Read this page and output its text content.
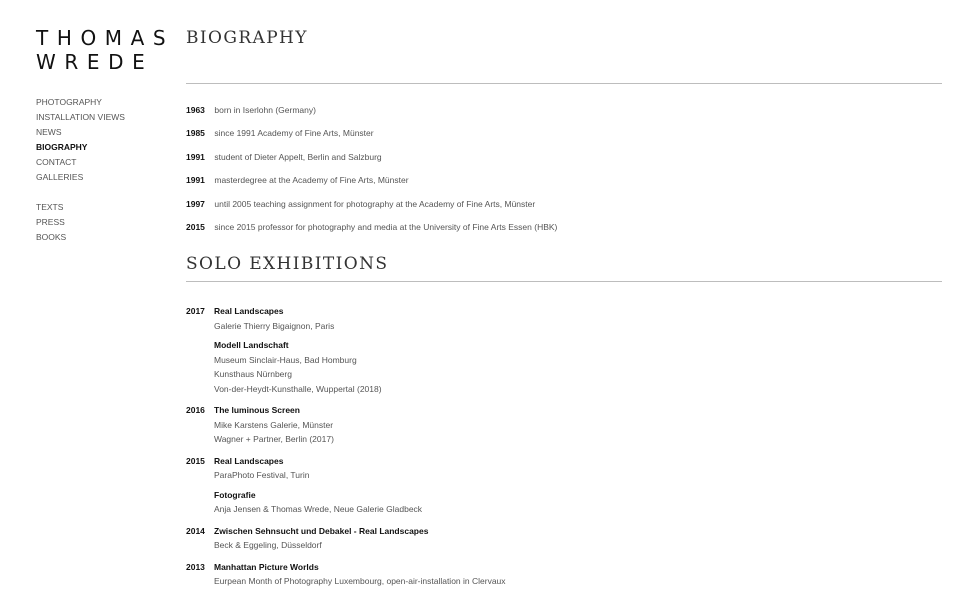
THOMAS
WREDE
PHOTOGRAPHY
INSTALLATION VIEWS
NEWS
BIOGRAPHY
CONTACT
GALLERIES
TEXTS
PRESS
BOOKS
BIOGRAPHY
1963 born in Iserlohn (Germany)
1985 since 1991 Academy of Fine Arts, Münster
1991 student of Dieter Appelt, Berlin and Salzburg
1991 masterdegree at the Academy of Fine Arts, Münster
1997 until 2005 teaching assignment for photography at the Academy of Fine Arts, Münster
2015 since 2015 professor for photography and media at the University of Fine Arts Essen (HBK)
SOLO EXHIBITIONS
2017	Real Landscapes
Galerie Thierry Bigaignon, Paris
Modell Landschaft
Museum Sinclair-Haus, Bad Homburg
Kunsthaus Nürnberg
Von-der-Heydt-Kunsthalle, Wuppertal (2018)
2016	The luminous Screen
Mike Karstens Galerie, Münster
Wagner + Partner, Berlin (2017)
2015	Real Landscapes
ParaPhoto Festival, Turin
Fotografie
Anja Jensen & Thomas Wrede, Neue Galerie Gladbeck
2014	Zwischen Sehnsucht und Debakel - Real Landscapes
Beck & Eggeling, Düsseldorf
2013	Manhattan Picture Worlds
Eurpean Month of Photography Luxembourg, open-air-installation in Clervaux
